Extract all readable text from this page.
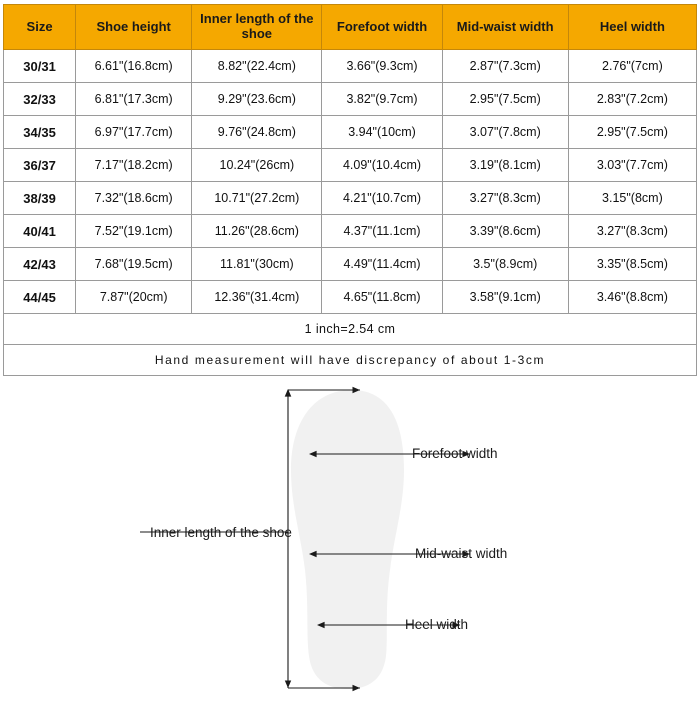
Size	Shoe height	Inner length of the shoe	Forefoot width	Mid-waist width	Heel width
30/31	6.61"(16.8cm)	8.82"(22.4cm)	3.66"(9.3cm)	2.87"(7.3cm)	2.76"(7cm)
32/33	6.81"(17.3cm)	9.29"(23.6cm)	3.82"(9.7cm)	2.95"(7.5cm)	2.83"(7.2cm)
34/35	6.97"(17.7cm)	9.76"(24.8cm)	3.94"(10cm)	3.07"(7.8cm)	2.95"(7.5cm)
36/37	7.17"(18.2cm)	10.24"(26cm)	4.09"(10.4cm)	3.19"(8.1cm)	3.03"(7.7cm)
38/39	7.32"(18.6cm)	10.71"(27.2cm)	4.21"(10.7cm)	3.27"(8.3cm)	3.15"(8cm)
40/41	7.52"(19.1cm)	11.26"(28.6cm)	4.37"(11.1cm)	3.39"(8.6cm)	3.27"(8.3cm)
42/43	7.68"(19.5cm)	11.81"(30cm)	4.49"(11.4cm)	3.5"(8.9cm)	3.35"(8.5cm)
44/45	7.87"(20cm)	12.36"(31.4cm)	4.65"(11.8cm)	3.58"(9.1cm)	3.46"(8.8cm)
1 inch=2.54 cm					
Hand measurement will have discrepancy of about 1-3cm					
Inner length of the shoe
Forefoot width
Mid-waist width
Heel width
